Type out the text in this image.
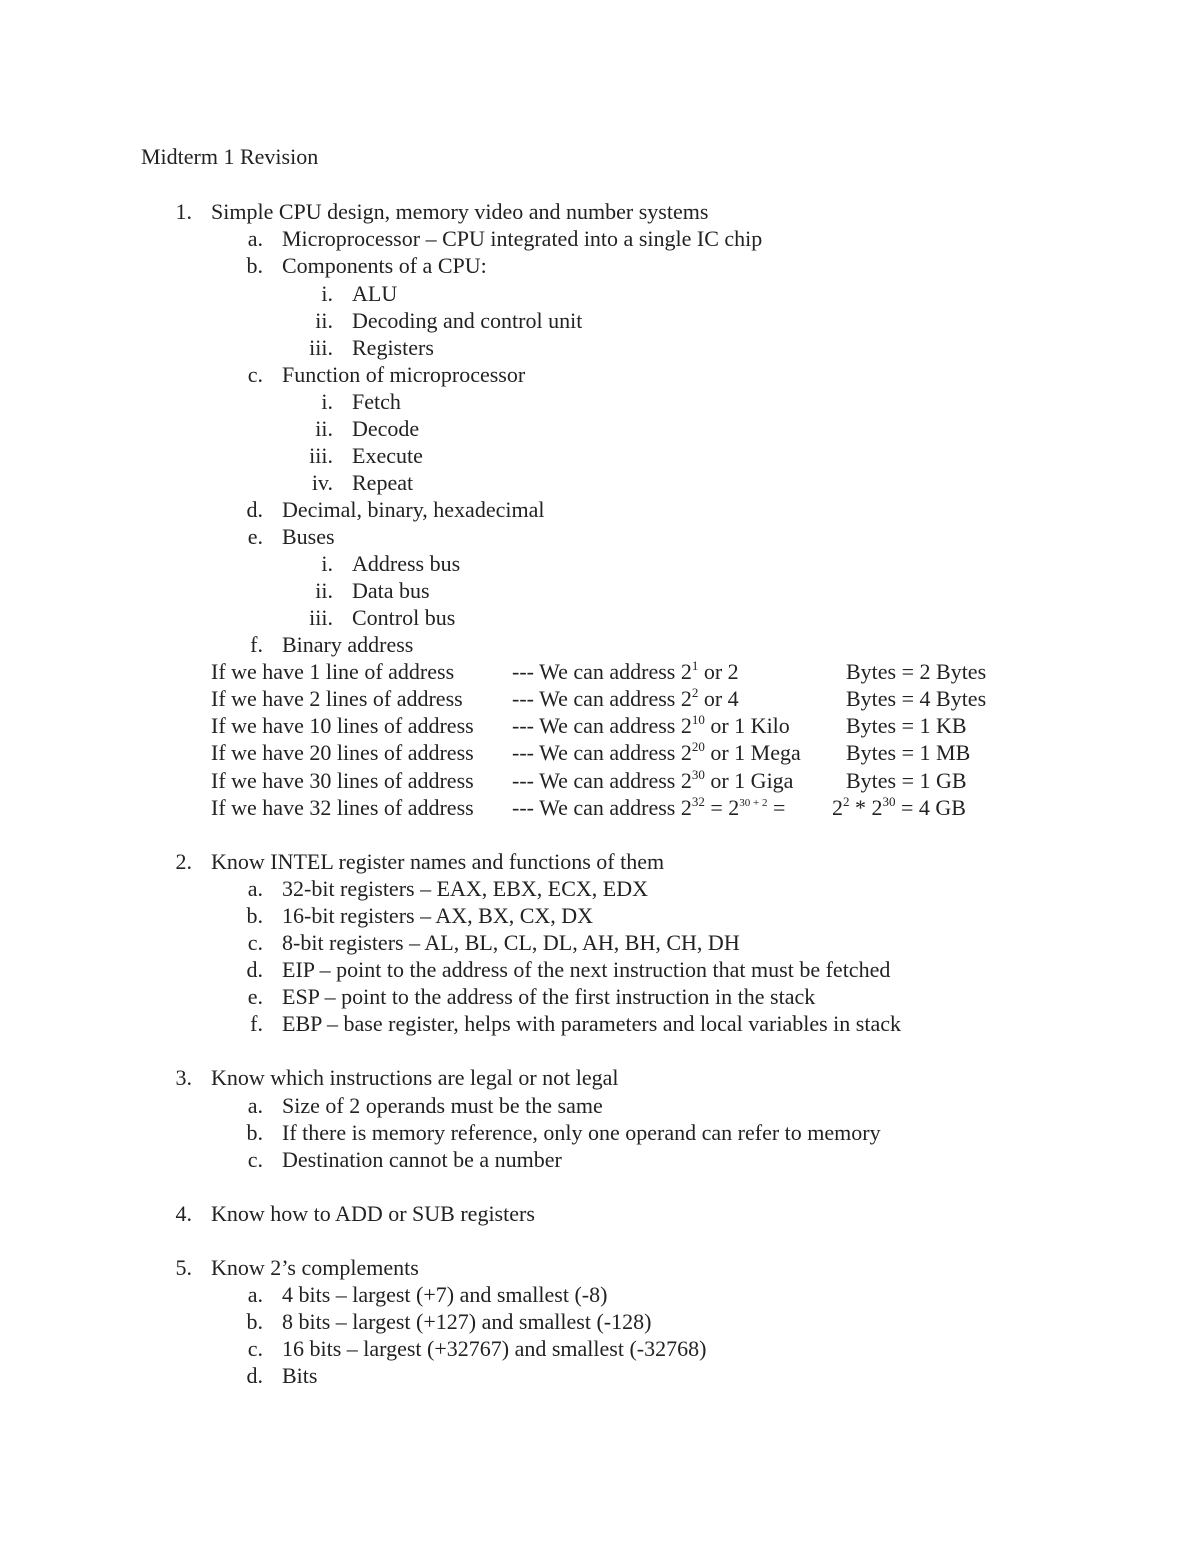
Midterm 1 Revision
1. Simple CPU design, memory video and number systems
a. Microprocessor – CPU integrated into a single IC chip
b. Components of a CPU:
i. ALU
ii. Decoding and control unit
iii. Registers
c. Function of microprocessor
i. Fetch
ii. Decode
iii. Execute
iv. Repeat
d. Decimal, binary, hexadecimal
e. Buses
i. Address bus
ii. Data bus
iii. Control bus
f. Binary address
If we have 1 line of address	--- We can address $2^1$ or 2	Bytes = 2 Bytes
If we have 2 lines of address --- We can address $2^2$ or 4	Bytes = 4 Bytes
If we have 10 lines of address --- We can address $2^{10}$ or 1 Kilo	Bytes = 1 KB
If we have 20 lines of address --- We can address $2^{20}$ or 1 Mega Bytes = 1 MB
If we have 30 lines of address --- We can address $2^{30}$ or 1 Giga Bytes = 1 GB
If we have 32 lines of address --- We can address $2^{32} = 2^{30 + 2} = 2^2 * 2^{30} = 4$ GB
2. Know INTEL register names and functions of them
a. 32-bit registers – EAX, EBX, ECX, EDX
b. 16-bit registers – AX, BX, CX, DX
c. 8-bit registers – AL, BL, CL, DL, AH, BH, CH, DH
d. EIP – point to the address of the next instruction that must be fetched
e. ESP – point to the address of the first instruction in the stack
f. EBP – base register, helps with parameters and local variables in stack
3. Know which instructions are legal or not legal
a. Size of 2 operands must be the same
b. If there is memory reference, only one operand can refer to memory
c. Destination cannot be a number
4. Know how to ADD or SUB registers
5. Know 2’s complements
a. 4 bits – largest (+7) and smallest (-8)
b. 8 bits – largest (+127) and smallest (-128)
c. 16 bits – largest (+32767) and smallest (-32768)
d. Bits
